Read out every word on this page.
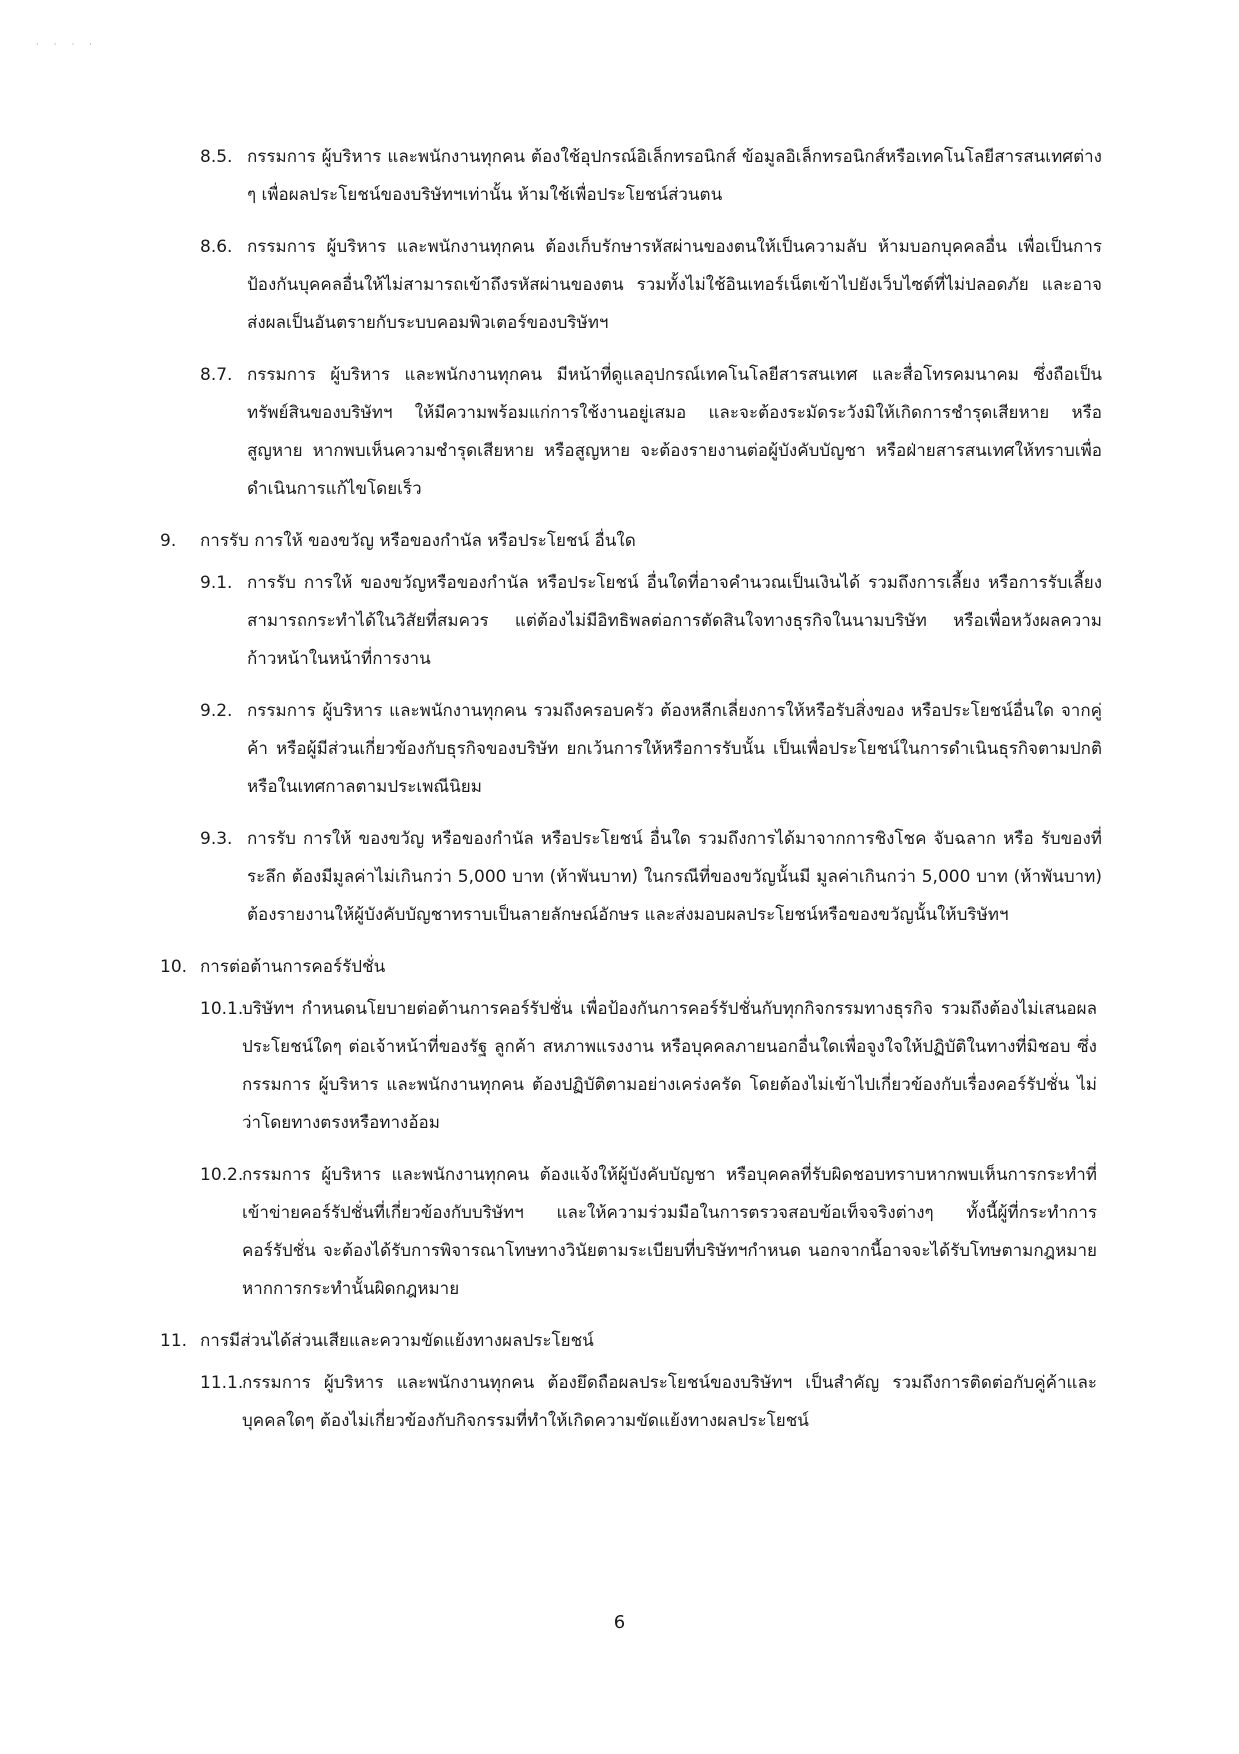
· · · ·
8.5. กรรมการ ผู้บริหาร และพนักงานทุกคน ต้องใช้อุปกรณ์อิเล็กทรอนิกส์ ข้อมูลอิเล็กทรอนิกส์หรือเทคโนโลยีสารสนเทศต่าง ๆ เพื่อผลประโยชน์ของบริษัทฯเท่านั้น ห้ามใช้เพื่อประโยชน์ส่วนตน
8.6. กรรมการ ผู้บริหาร และพนักงานทุกคน ต้องเก็บรักษารหัสผ่านของตนให้เป็นความลับ ห้ามบอกบุคคลอื่น เพื่อเป็นการป้องกันบุคคลอื่นให้ไม่สามารถเข้าถึงรหัสผ่านของตน รวมทั้งไม่ใช้อินเทอร์เน็ตเข้าไปยังเว็บไซต์ที่ไม่ปลอดภัย และอาจส่งผลเป็นอันตรายกับระบบคอมพิวเตอร์ของบริษัทฯ
8.7. กรรมการ ผู้บริหาร และพนักงานทุกคน มีหน้าที่ดูแลอุปกรณ์เทคโนโลยีสารสนเทศ และสื่อโทรคมนาคม ซึ่งถือเป็นทรัพย์สินของบริษัทฯ ให้มีความพร้อมแก่การใช้งานอยู่เสมอ และจะต้องระมัดระวังมิให้เกิดการชำรุดเสียหาย หรือสูญหาย หากพบเห็นความชำรุดเสียหาย หรือสูญหาย จะต้องรายงานต่อผู้บังคับบัญชา หรือฝ่ายสารสนเทศให้ทราบเพื่อดำเนินการแก้ไขโดยเร็ว
9. การรับ การให้ ของขวัญ หรือของกำนัล หรือประโยชน์ อื่นใด
9.1. การรับ การให้ ของขวัญหรือของกำนัล หรือประโยชน์ อื่นใดที่อาจคำนวณเป็นเงินได้ รวมถึงการเลี้ยง หรือการรับเลี้ยง สามารถกระทำได้ในวิสัยที่สมควร แต่ต้องไม่มีอิทธิพลต่อการตัดสินใจทางธุรกิจในนามบริษัท หรือเพื่อหวังผลความก้าวหน้าในหน้าที่การงาน
9.2. กรรมการ ผู้บริหาร และพนักงานทุกคน รวมถึงครอบครัว ต้องหลีกเลี่ยงการให้หรือรับสิ่งของ หรือประโยชน์อื่นใด จากคู่ค้า หรือผู้มีส่วนเกี่ยวข้องกับธุรกิจของบริษัท ยกเว้นการให้หรือการรับนั้น เป็นเพื่อประโยชน์ในการดำเนินธุรกิจตามปกติ หรือในเทศกาลตามประเพณีนิยม
9.3. การรับ การให้ ของขวัญ หรือของกำนัล หรือประโยชน์ อื่นใด รวมถึงการได้มาจากการชิงโชค จับฉลาก หรือ รับของที่ระลึก ต้องมีมูลค่าไม่เกินกว่า 5,000 บาท (ห้าพันบาท) ในกรณีที่ของขวัญนั้นมี มูลค่าเกินกว่า 5,000 บาท (ห้าพันบาท) ต้องรายงานให้ผู้บังคับบัญชาทราบเป็นลายลักษณ์อักษร และส่งมอบผลประโยชน์หรือของขวัญนั้นให้บริษัทฯ
10. การต่อต้านการคอร์รัปชั่น
10.1.
บริษัทฯ กำหนดนโยบายต่อต้านการคอร์รัปชั่น เพื่อป้องกันการคอร์รัปชั่นกับทุกกิจกรรมทางธุรกิจ รวมถึงต้องไม่เสนอผลประโยชน์ใดๆ ต่อเจ้าหน้าที่ของรัฐ ลูกค้า สหภาพแรงงาน หรือบุคคลภายนอกอื่นใดเพื่อจูงใจให้ปฏิบัติในทางที่มิชอบ ซึ่งกรรมการ ผู้บริหาร และพนักงานทุกคน ต้องปฏิบัติตามอย่างเคร่งครัด โดยต้องไม่เข้าไปเกี่ยวข้องกับเรื่องคอร์รัปชั่น ไม่ว่าโดยทางตรงหรือทางอ้อม
10.2.
กรรมการ ผู้บริหาร และพนักงานทุกคน ต้องแจ้งให้ผู้บังคับบัญชา หรือบุคคลที่รับผิดชอบทราบหากพบเห็นการกระทำที่เข้าข่ายคอร์รัปชั่นที่เกี่ยวข้องกับบริษัทฯ และให้ความร่วมมือในการตรวจสอบข้อเท็จจริงต่างๆ ทั้งนี้ผู้ที่กระทำการคอร์รัปชั่น จะต้องได้รับการพิจารณาโทษทางวินัยตามระเบียบที่บริษัทฯกำหนด นอกจากนี้อาจจะได้รับโทษตามกฎหมาย หากการกระทำนั้นผิดกฎหมาย
11. การมีส่วนได้ส่วนเสียและความขัดแย้งทางผลประโยชน์
11.1.
กรรมการ ผู้บริหาร และพนักงานทุกคน ต้องยึดถือผลประโยชน์ของบริษัทฯ เป็นสำคัญ รวมถึงการติดต่อกับคู่ค้าและบุคคลใดๆ ต้องไม่เกี่ยวข้องกับกิจกรรมที่ทำให้เกิดความขัดแย้งทางผลประโยชน์
6
